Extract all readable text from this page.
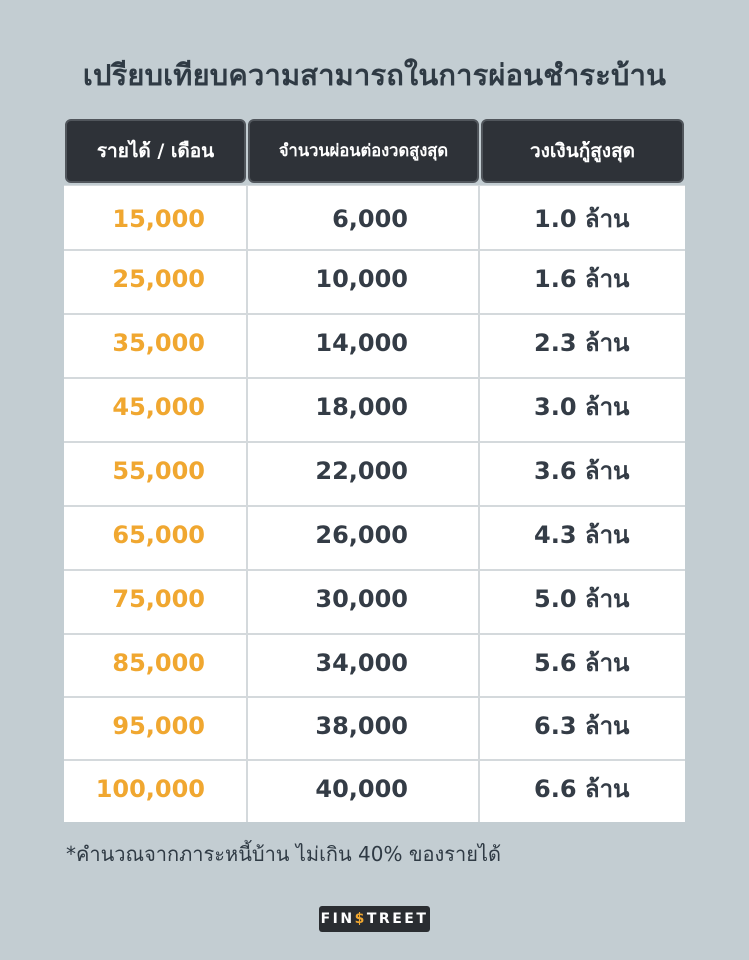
เปรียบเทียบความสามารถในการผ่อนชำระบ้าน
รายได้ / เดือน	จำนวนผ่อนต่องวดสูงสุด	วงเงินกู้สูงสุด
15,000	6,000	1.0 ล้าน
25,000	10,000	1.6 ล้าน
35,000	14,000	2.3 ล้าน
45,000	18,000	3.0 ล้าน
55,000	22,000	3.6 ล้าน
65,000	26,000	4.3 ล้าน
75,000	30,000	5.0 ล้าน
85,000	34,000	5.6 ล้าน
95,000	38,000	6.3 ล้าน
100,000	40,000	6.6 ล้าน
*คำนวณจากภาระหนี้บ้าน ไม่เกิน 40% ของรายได้
FIN $ TREET
